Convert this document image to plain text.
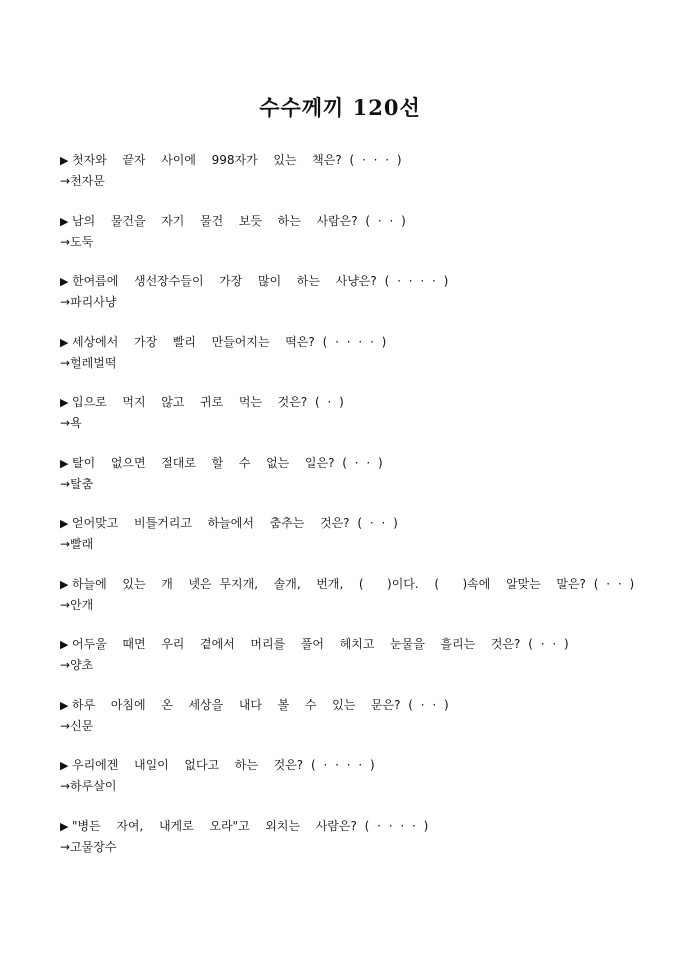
수수께끼 120선
▶ 첫자와  끝자  사이에  998자가  있는  책은? ( · · · )
→천자문
▶ 남의  물건을  자기  물건  보듯  하는  사람은? ( · · )
→도둑
▶ 한여름에  생선장수들이  가장  많이  하는  사냥은? ( · · · · )
→파리사냥
▶ 세상에서  가장  빨리  만들어지는  떡은? ( · · · · )
→헐레벌떡
▶ 입으로  먹지  않고  귀로  먹는  것은? ( · )
→욕
▶ 탈이  없으면  절대로  할  수  없는  일은? ( · · )
→탈춤
▶ 얻어맞고  비틀거리고  하늘에서  춤추는  것은? ( · · )
→빨래
▶ 하늘에  있는  개  넷은 무지개,  솔개,  번개,  (   )이다.  (   )속에  알맞는  말은? ( · · )
→안개
▶ 어두울  때면  우리  곁에서  머리를  풀어  헤치고  눈물을  흘리는  것은? ( · · )
→양초
▶ 하루  아침에  온  세상을  내다  볼  수  있는  문은? ( · · )
→신문
▶ 우리에겐  내일이  없다고  하는  것은? ( · · · · )
→하루살이
▶ "병든  자여,  내게로  오라"고  외치는  사람은? ( · · · · )
→고물장수
